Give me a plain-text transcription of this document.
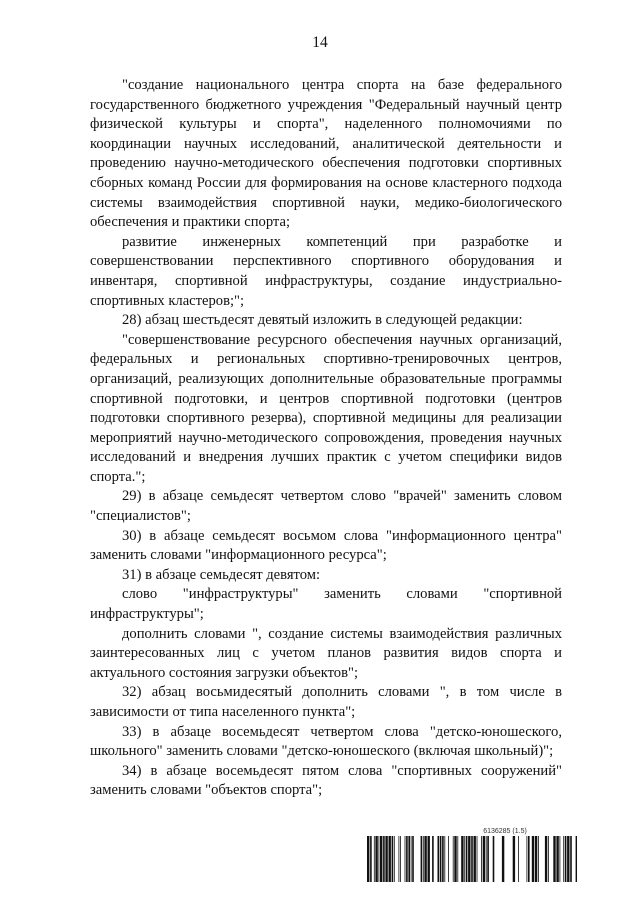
14

"создание национального центра спорта на базе федерального государственного бюджетного учреждения "Федеральный научный центр физической культуры и спорта", наделенного полномочиями по координации научных исследований, аналитической деятельности и проведению научно-методического обеспечения подготовки спортивных сборных команд России для формирования на основе кластерного подхода системы взаимодействия спортивной науки, медико-биологического обеспечения и практики спорта;

развитие инженерных компетенций при разработке и совершенствовании перспективного спортивного оборудования и инвентаря, спортивной инфраструктуры, создание индустриально-спортивных кластеров;";

28) абзац шестьдесят девятый изложить в следующей редакции:

"совершенствование ресурсного обеспечения научных организаций, федеральных и региональных спортивно-тренировочных центров, организаций, реализующих дополнительные образовательные программы спортивной подготовки, и центров спортивной подготовки (центров подготовки спортивного резерва), спортивной медицины для реализации мероприятий научно-методического сопровождения, проведения научных исследований и внедрения лучших практик с учетом специфики видов спорта.";

29) в абзаце семьдесят четвертом слово "врачей" заменить словом "специалистов";

30) в абзаце семьдесят восьмом слова "информационного центра" заменить словами "информационного ресурса";

31) в абзаце семьдесят девятом:

слово "инфраструктуры" заменить словами "спортивной инфраструктуры";

дополнить словами ", создание системы взаимодействия различных заинтересованных лиц с учетом планов развития видов спорта и актуального состояния загрузки объектов";

32) абзац восьмидесятый дополнить словами ", в том числе в зависимости от типа населенного пункта";

33) в абзаце восемьдесят четвертом слова "детско-юношеского, школьного" заменить словами "детско-юношеского (включая школьный)";

34) в абзаце восемьдесят пятом слова "спортивных сооружений" заменить словами "объектов спорта";

6136285 (1.5)
